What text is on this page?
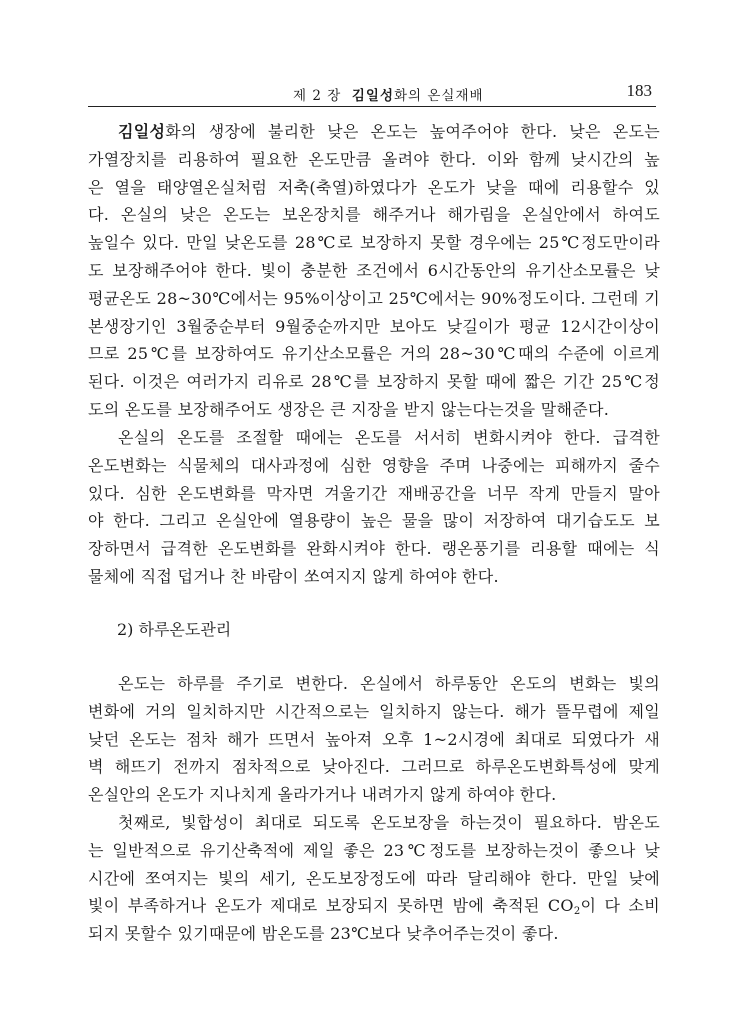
제 2 장 김일성화의 온실재배	183
김일성화의 생장에 불리한 낮은 온도는 높여주어야 한다. 낮은 온도는
가열장치를 리용하여 필요한 온도만큼 올려야 한다. 이와 함께 낮시간의 높
은 열을 태양열온실처럼 저축(축열)하였다가 온도가 낮을 때에 리용할수 있
다. 온실의 낮은 온도는 보온장치를 해주거나 해가림을 온실안에서 하여도
높일수 있다. 만일 낮온도를 28℃로 보장하지 못할 경우에는 25℃정도만이라
도 보장해주어야 한다. 빛이 충분한 조건에서 6시간동안의 유기산소모률은 낮
평균온도 28~30℃에서는 95%이상이고 25℃에서는 90%정도이다. 그런데 기
본생장기인 3월중순부터 9월중순까지만 보아도 낮길이가 평균 12시간이상이
므로 25℃를 보장하여도 유기산소모률은 거의 28~30℃때의 수준에 이르게
된다. 이것은 여러가지 리유로 28℃를 보장하지 못할 때에 짧은 기간 25℃정
도의 온도를 보장해주어도 생장은 큰 지장을 받지 않는다는것을 말해준다.
온실의 온도를 조절할 때에는 온도를 서서히 변화시켜야 한다. 급격한
온도변화는 식물체의 대사과정에 심한 영향을 주며 나중에는 피해까지 줄수
있다. 심한 온도변화를 막자면 겨울기간 재배공간을 너무 작게 만들지 말아
야 한다. 그리고 온실안에 열용량이 높은 물을 많이 저장하여 대기습도도 보
장하면서 급격한 온도변화를 완화시켜야 한다. 랭온풍기를 리용할 때에는 식
물체에 직접 덥거나 찬 바람이 쏘여지지 않게 하여야 한다.
2) 하루온도관리
온도는 하루를 주기로 변한다. 온실에서 하루동안 온도의 변화는 빛의
변화에 거의 일치하지만 시간적으로는 일치하지 않는다. 해가 뜰무렵에 제일
낮던 온도는 점차 해가 뜨면서 높아져 오후 1~2시경에 최대로 되였다가 새
벽 해뜨기 전까지 점차적으로 낮아진다. 그러므로 하루온도변화특성에 맞게
온실안의 온도가 지나치게 올라가거나 내려가지 않게 하여야 한다.
첫째로, 빛합성이 최대로 되도록 온도보장을 하는것이 필요하다. 밤온도
는 일반적으로 유기산축적에 제일 좋은 23℃정도를 보장하는것이 좋으나 낮
시간에 쪼여지는 빛의 세기, 온도보장정도에 따라 달리해야 한다. 만일 낮에
빛이 부족하거나 온도가 제대로 보장되지 못하면 밤에 축적된 $CO_2$이 다 소비
되지 못할수 있기때문에 밤온도를 23℃보다 낮추어주는것이 좋다.
